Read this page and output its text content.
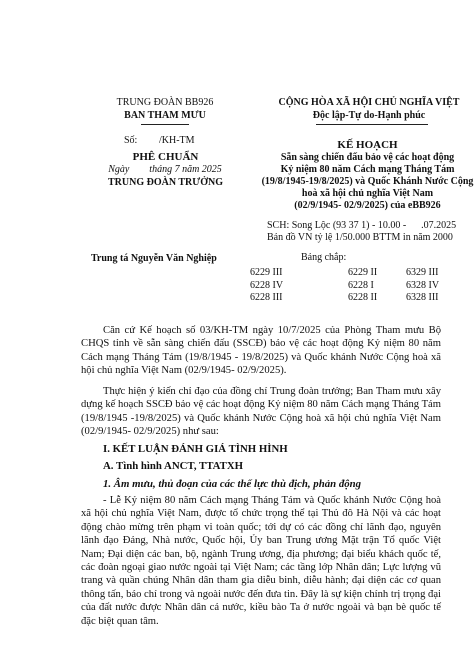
TRUNG ĐOÀN BB926
BAN THAM MƯU
Số: /KH-TM
CỘNG HÒA XÃ HỘI CHỦ NGHĨA VIỆT
Độc lập-Tự do-Hạnh phúc
PHÊ CHUẨN
Ngày        tháng 7 năm 2025
TRUNG ĐOÀN TRƯỞNG
Trung tá Nguyễn Văn Nghiệp
KẾ HOẠCH
Sẵn sàng chiến đấu bảo vệ các hoạt động
Kỷ niệm 80 năm Cách mạng Tháng Tám
(19/8/1945-19/8/2025) và Quốc Khánh Nước Cộng
hoà xã hội chủ nghĩa Việt Nam
(02/9/1945- 02/9/2025) của eBB926
SCH: Song Lộc (93 37 1) - 10.00 -      .07.2025
Bản đồ VN tỷ lệ 1/50.000 BTTM in năm 2000
Bảng chắp:
6229 III	6229 II	6329 III
6228 IV	6228 I	6328 IV
6228 III	6228 II	6328 III

Căn cứ Kế hoạch số 03/KH-TM ngày 10/7/2025 của Phòng Tham mưu Bộ CHQS tỉnh về sẵn sàng chiến đấu (SSCĐ) bảo vệ các hoạt động Kỷ niệm 80 năm Cách mạng Tháng Tám (19/8/1945 - 19/8/2025) và Quốc khánh Nước Cộng hoà xã hội chủ nghĩa Việt Nam (02/9/1945- 02/9/2025).

Thực hiện ý kiến chỉ đạo của đồng chí Trung đoàn trưởng; Ban Tham mưu xây dựng kế hoạch SSCĐ bảo vệ các hoạt động Kỷ niệm 80 năm Cách mạng Tháng Tám (19/8/1945 -19/8/2025) và Quốc khánh Nước Cộng hoà xã hội chủ nghĩa Việt Nam (02/9/1945- 02/9/2025) như sau:

I. KẾT LUẬN ĐÁNH GIÁ TÌNH HÌNH
A. Tình hình ANCT, TTATXH
1. Âm mưu, thủ đoạn của các thế lực thù địch, phản động

- Lễ Kỷ niệm 80 năm Cách mạng Tháng Tám và Quốc khánh Nước Cộng hoà xã hội chủ nghĩa Việt Nam, được tổ chức trọng thể tại Thủ đô Hà Nội và các hoạt động chào mừng trên phạm vi toàn quốc; tới dự có các đồng chí lãnh đạo, nguyên lãnh đạo Đảng, Nhà nước, Quốc hội, Ủy ban Trung ương Mặt trận Tổ quốc Việt Nam; Đại diện các ban, bộ, ngành Trung ương, địa phương; đại biểu khách quốc tế, các đoàn ngoại giao nước ngoài tại Việt Nam; các tầng lớp Nhân dân; Lực lượng vũ trang và quần chúng Nhân dân tham gia diễu binh, diễu hành; đại diện các cơ quan thông tấn, báo chí trong và ngoài nước đến đưa tin. Đây là sự kiện chính trị trọng đại của đất nước được Nhân dân cả nước, kiều bào Ta ở nước ngoài và bạn bè quốc tế đặc biệt quan tâm.
